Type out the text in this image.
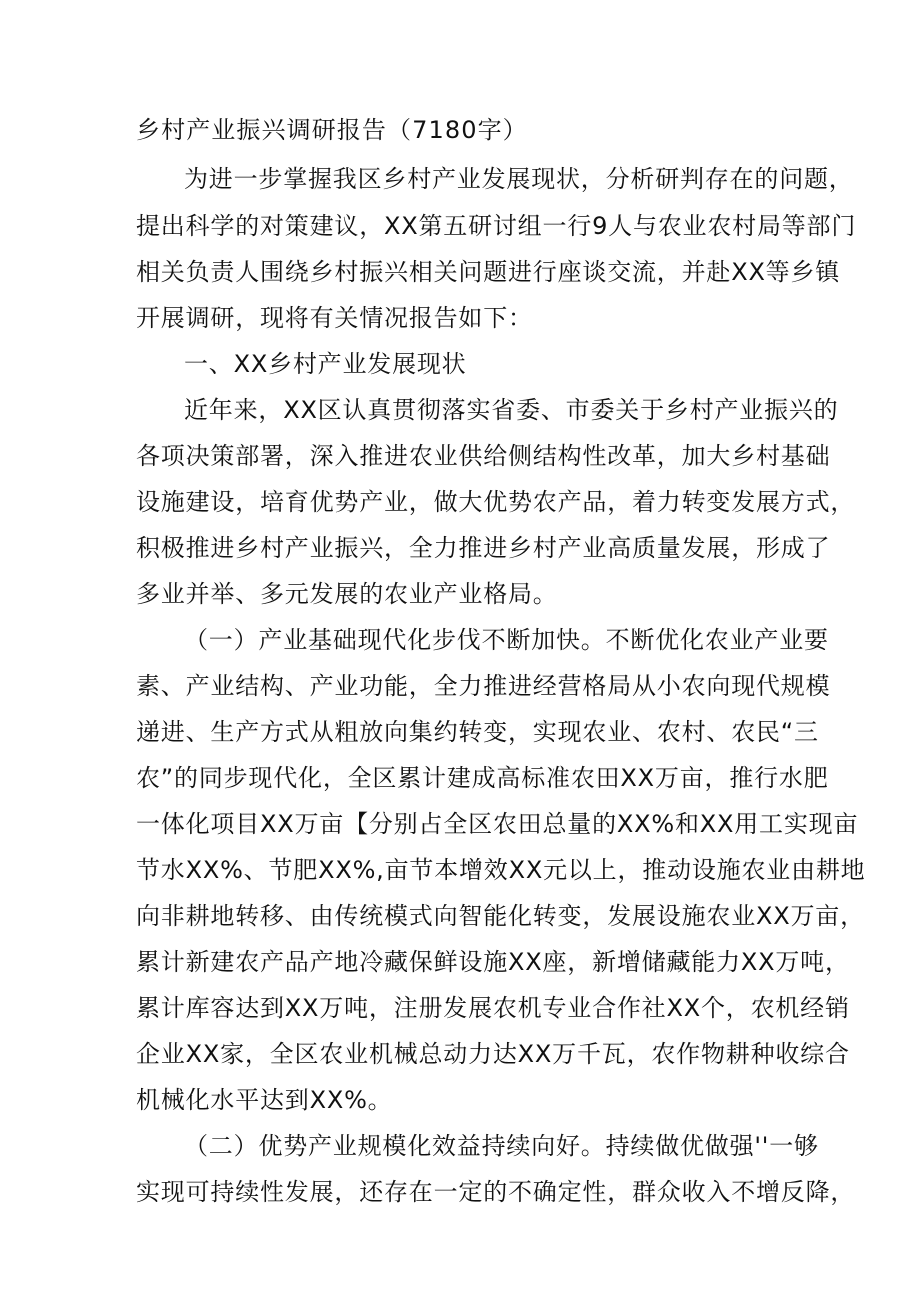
乡村产业振兴调研报告（7180字）
为进一步掌握我区乡村产业发展现状，分析研判存在的问题，
提出科学的对策建议，XX第五研讨组一行9人与农业农村局等部门
相关负责人围绕乡村振兴相关问题进行座谈交流，并赴XX等乡镇
开展调研，现将有关情况报告如下：
一、XX乡村产业发展现状
近年来，XX区认真贯彻落实省委、市委关于乡村产业振兴的
各项决策部署，深入推进农业供给侧结构性改革，加大乡村基础
设施建设，培育优势产业，做大优势农产品，着力转变发展方式，
积极推进乡村产业振兴，全力推进乡村产业高质量发展，形成了
多业并举、多元发展的农业产业格局。
（一）产业基础现代化步伐不断加快。不断优化农业产业要
素、产业结构、产业功能，全力推进经营格局从小农向现代规模
递进、生产方式从粗放向集约转变，实现农业、农村、农民“三
农”的同步现代化，全区累计建成高标准农田XX万亩，推行水肥
一体化项目XX万亩【分别占全区农田总量的XX%和XX用工实现亩
节水XX%、节肥XX%,亩节本增效XX元以上，推动设施农业由耕地
向非耕地转移、由传统模式向智能化转变，发展设施农业XX万亩，
累计新建农产品产地冷藏保鲜设施XX座，新增储藏能力XX万吨，
累计库容达到XX万吨，注册发展农机专业合作社XX个，农机经销
企业XX家，全区农业机械总动力达XX万千瓦，农作物耕种收综合
机械化水平达到XX%。
（二）优势产业规模化效益持续向好。持续做优做强''一够
实现可持续性发展，还存在一定的不确定性，群众收入不增反降，
